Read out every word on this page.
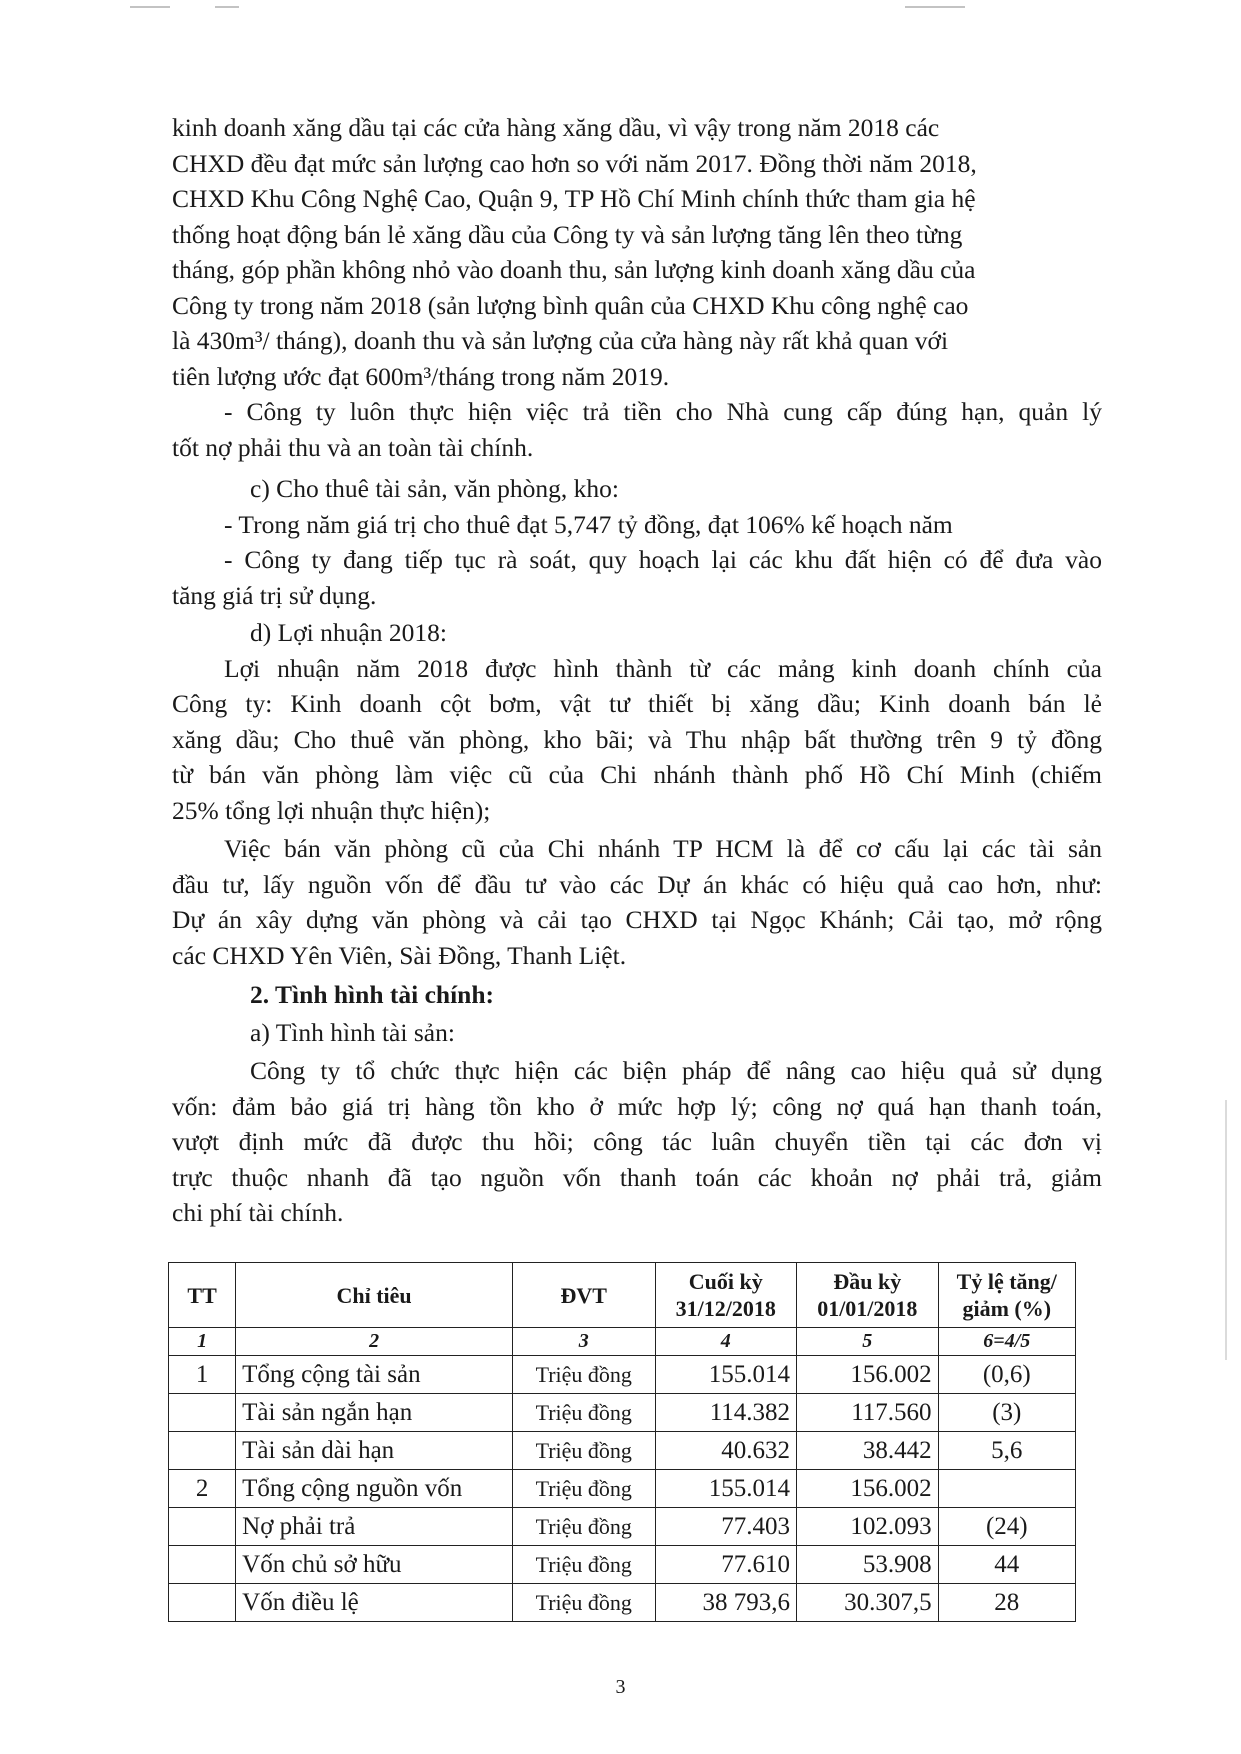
kinh doanh xăng dầu tại các cửa hàng xăng dầu, vì vậy trong năm 2018 các
CHXD đều đạt mức sản lượng cao hơn so với năm 2017. Đồng thời năm 2018,
CHXD Khu Công Nghệ Cao, Quận 9, TP Hồ Chí Minh chính thức tham gia hệ
thống hoạt động bán lẻ xăng dầu của Công ty và sản lượng tăng lên theo từng
tháng, góp phần không nhỏ vào doanh thu, sản lượng kinh doanh xăng dầu của
Công ty trong năm 2018 (sản lượng bình quân của CHXD Khu công nghệ cao
là 430m³/ tháng), doanh thu và sản lượng của cửa hàng này rất khả quan với
tiên lượng ước đạt 600m³/tháng trong năm 2019.

- Công ty luôn thực hiện việc trả tiền cho Nhà cung cấp đúng hạn, quản lý
tốt nợ phải thu và an toàn tài chính.

c) Cho thuê tài sản, văn phòng, kho:

- Trong năm giá trị cho thuê đạt 5,747 tỷ đồng, đạt 106% kế hoạch năm

- Công ty đang tiếp tục rà soát, quy hoạch lại các khu đất hiện có để đưa vào
tăng giá trị sử dụng.

d) Lợi nhuận 2018:

Lợi nhuận năm 2018 được hình thành từ các mảng kinh doanh chính của
Công ty: Kinh doanh cột bơm, vật tư thiết bị xăng dầu; Kinh doanh bán lẻ
xăng dầu; Cho thuê văn phòng, kho bãi; và Thu nhập bất thường trên 9 tỷ đồng
từ bán văn phòng làm việc cũ của Chi nhánh thành phố Hồ Chí Minh (chiếm
25% tổng lợi nhuận thực hiện);

Việc bán văn phòng cũ của Chi nhánh TP HCM là để cơ cấu lại các tài sản
đầu tư, lấy nguồn vốn để đầu tư vào các Dự án khác có hiệu quả cao hơn, như:
Dự án xây dựng văn phòng và cải tạo CHXD tại Ngọc Khánh; Cải tạo, mở rộng
các CHXD Yên Viên, Sài Đồng, Thanh Liệt.

2. Tình hình tài chính:

a) Tình hình tài sản:

Công ty tổ chức thực hiện các biện pháp để nâng cao hiệu quả sử dụng
vốn: đảm bảo giá trị hàng tồn kho ở mức hợp lý; công nợ quá hạn thanh toán,
vượt định mức đã được thu hồi; công tác luân chuyển tiền tại các đơn vị
trực thuộc nhanh đã tạo nguồn vốn thanh toán các khoản nợ phải trả, giảm
chi phí tài chính.

TT	Chỉ tiêu	ĐVT	Cuối kỳ
31/12/2018	Đầu kỳ
01/01/2018	Tỷ lệ tăng/
giảm (%)
1	2	3	4	5	6=4/5
1	Tổng cộng tài sản	Triệu đồng	155.014	156.002	(0,6)
	Tài sản ngắn hạn	Triệu đồng	114.382	117.560	(3)
	Tài sản dài hạn	Triệu đồng	40.632	38.442	5,6
2	Tổng cộng nguồn vốn	Triệu đồng	155.014	156.002	
	Nợ phải trả	Triệu đồng	77.403	102.093	(24)
	Vốn chủ sở hữu	Triệu đồng	77.610	53.908	44
	Vốn điều lệ	Triệu đồng	38 793,6	30.307,5	28
3
